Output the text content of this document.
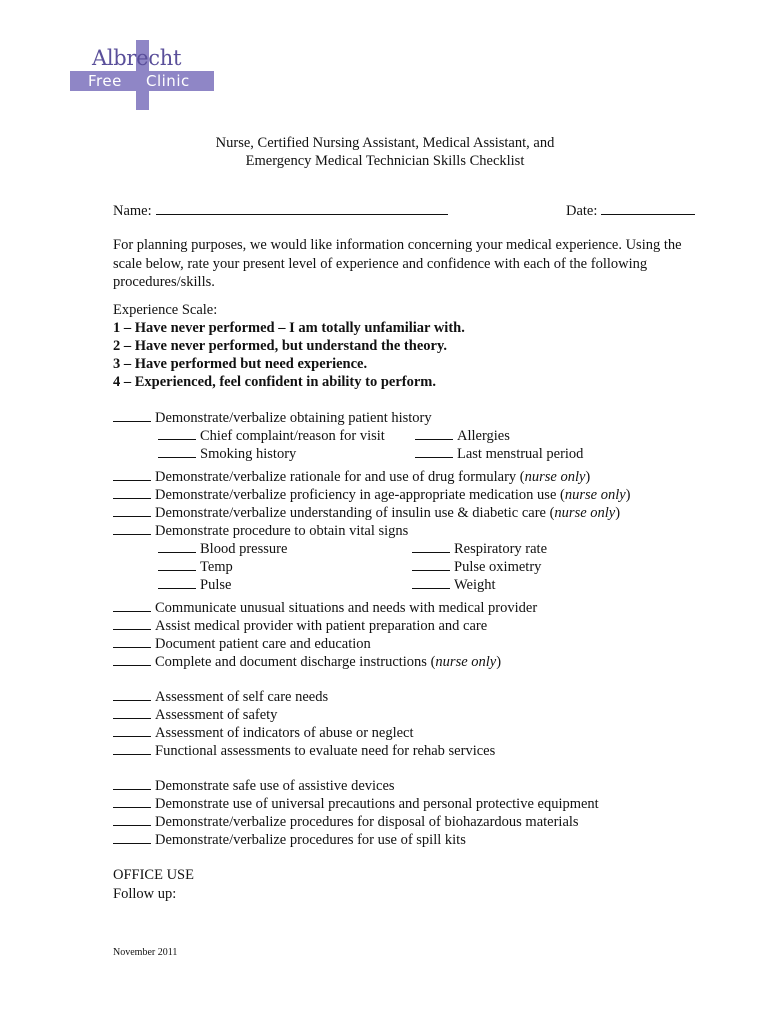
Albrecht
Free Clinic
Nurse, Certified Nursing Assistant, Medical Assistant, and
Emergency Medical Technician Skills Checklist
Name:	Date:
For planning purposes, we would like information concerning your medical experience. Using the scale below, rate your present level of experience and confidence with each of the following procedures/skills.
Experience Scale:
1 – Have never performed – I am totally unfamiliar with.
2 – Have never performed, but understand the theory.
3 – Have performed but need experience.
4 – Experienced, feel confident in ability to perform.
Demonstrate/verbalize obtaining patient history
Chief complaint/reason for visit	Allergies
Smoking history	Last menstrual period
Demonstrate/verbalize rationale for and use of drug formulary (nurse only)
Demonstrate/verbalize proficiency in age-appropriate medication use (nurse only)
Demonstrate/verbalize understanding of insulin use & diabetic care (nurse only)
Demonstrate procedure to obtain vital signs
Blood pressure	Respiratory rate
Temp	Pulse oximetry
Pulse	Weight
Communicate unusual situations and needs with medical provider
Assist medical provider with patient preparation and care
Document patient care and education
Complete and document discharge instructions (nurse only)
Assessment of self care needs
Assessment of safety
Assessment of indicators of abuse or neglect
Functional assessments to evaluate need for rehab services
Demonstrate safe use of assistive devices
Demonstrate use of universal precautions and personal protective equipment
Demonstrate/verbalize procedures for disposal of biohazardous materials
Demonstrate/verbalize procedures for use of spill kits
OFFICE USE
Follow up:
November 2011
